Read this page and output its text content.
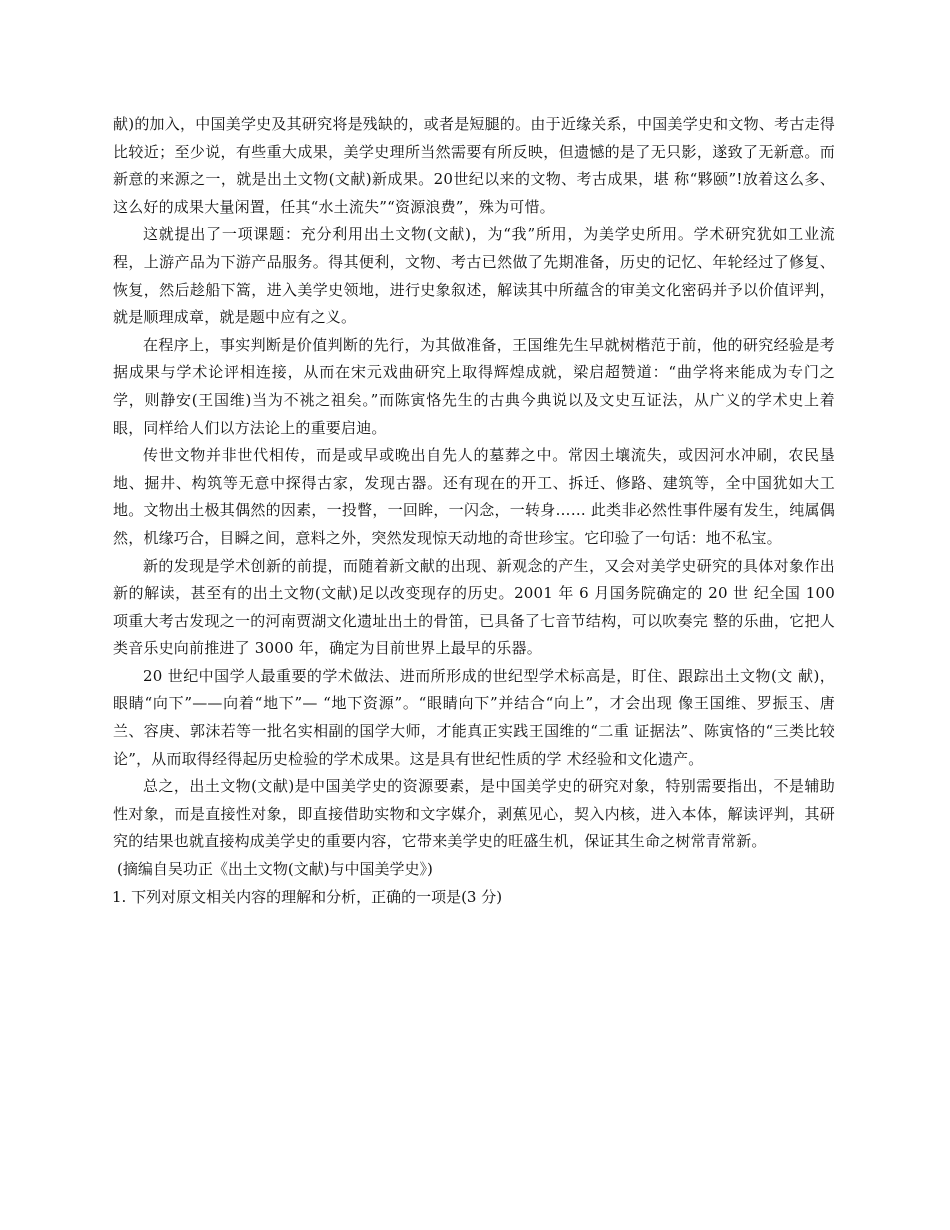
献)的加入，中国美学史及其研究将是残缺的，或者是短腿的。由于近缘关系，中国美学史和文物、考古走得比较近；至少说，有些重大成果，美学史理所当然需要有所反映，但遗憾的是了无只影，遂致了无新意。而新意的来源之一，就是出土文物(文献)新成果。20世纪以来的文物、考古成果，堪 称“夥颐”!放着这么多、这么好的成果大量闲置，任其“水土流失”“资源浪费”，殊为可惜。

这就提出了一项课题：充分利用出土文物(文献)，为“我”所用，为美学史所用。学术研究犹如工业流程，上游产品为下游产品服务。得其便利，文物、考古已然做了先期准备，历史的记忆、年轮经过了修复、恢复，然后趁船下篙，进入美学史领地，进行史象叙述，解读其中所蕴含的审美文化密码并予以价值评判，就是顺理成章，就是题中应有之义。

在程序上，事实判断是价值判断的先行，为其做准备，王国维先生早就树楷范于前，他的研究经验是考据成果与学术论评相连接，从而在宋元戏曲研究上取得辉煌成就，梁启超赞道：“曲学将来能成为专门之学，则静安(王国维)当为不祧之祖矣。”而陈寅恪先生的古典今典说以及文史互证法，从广义的学术史上着眼，同样给人们以方法论上的重要启迪。

传世文物并非世代相传，而是或早或晚出自先人的墓葬之中。常因土壤流失，或因河水冲刷，农民垦地、掘井、构筑等无意中探得古家，发现古器。还有现在的开工、拆迁、修路、建筑等，全中国犹如大工地。文物出土极其偶然的因素，一投瞥，一回眸，一闪念，一转身…… 此类非必然性事件屡有发生，纯属偶然，机缘巧合，目瞬之间，意料之外，突然发现惊天动地的奇世珍宝。它印验了一句话：地不私宝。

新的发现是学术创新的前提，而随着新文献的出现、新观念的产生，又会对美学史研究的具体对象作出新的解读，甚至有的出土文物(文献)足以改变现存的历史。2001 年 6 月国务院确定的 20 世 纪全国 100 项重大考古发现之一的河南贾湖文化遗址出土的骨笛，已具备了七音节结构，可以吹奏完 整的乐曲，它把人类音乐史向前推进了 3000 年，确定为目前世界上最早的乐器。

20 世纪中国学人最重要的学术做法、进而所形成的世纪型学术标高是，盯住、跟踪出土文物(文 献)，眼睛“向下”——向着“地下”— “地下资源”。“眼睛向下”并结合“向上”，才会出现 像王国维、罗振玉、唐兰、容庚、郭沫若等一批名实相副的国学大师，才能真正实践王国维的“二重 证据法”、陈寅恪的“三类比较论”，从而取得经得起历史检验的学术成果。这是具有世纪性质的学 术经验和文化遗产。

总之，出土文物(文献)是中国美学史的资源要素，是中国美学史的研究对象，特别需要指出，不是辅助性对象，而是直接性对象，即直接借助实物和文字媒介，剥蕉见心，契入内核，进入本体，解读评判，其研究的结果也就直接构成美学史的重要内容，它带来美学史的旺盛生机，保证其生命之树常青常新。

(摘编自吴功正《出土文物(文献)与中国美学史》)

1. 下列对原文相关内容的理解和分析，正确的一项是(3 分)
